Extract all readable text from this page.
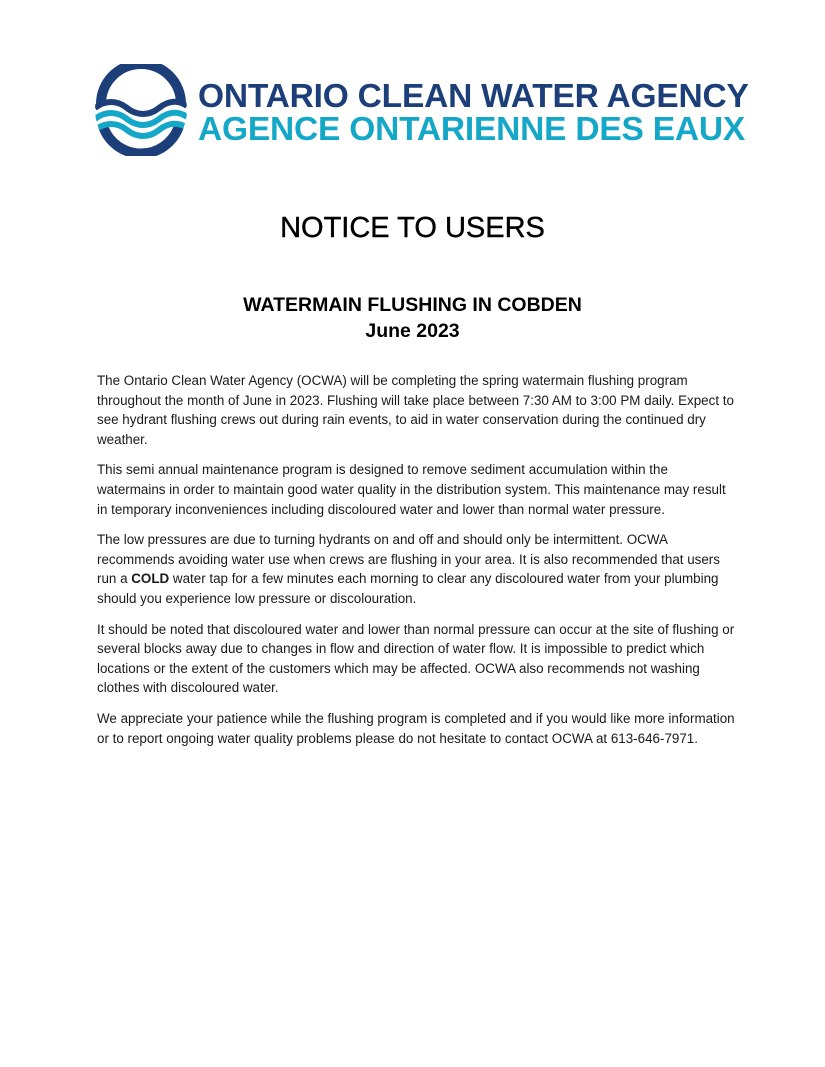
ONTARIO CLEAN WATER AGENCY
AGENCE ONTARIENNE DES EAUX
NOTICE TO USERS
WATERMAIN FLUSHING IN COBDEN
June 2023

The Ontario Clean Water Agency (OCWA) will be completing the spring watermain flushing program throughout the month of June in 2023. Flushing will take place between 7:30 AM to 3:00 PM daily. Expect to see hydrant flushing crews out during rain events, to aid in water conservation during the continued dry weather.

This semi annual maintenance program is designed to remove sediment accumulation within the watermains in order to maintain good water quality in the distribution system. This maintenance may result in temporary inconveniences including discoloured water and lower than normal water pressure.

The low pressures are due to turning hydrants on and off and should only be intermittent. OCWA recommends avoiding water use when crews are flushing in your area. It is also recommended that users run a COLD water tap for a few minutes each morning to clear any discoloured water from your plumbing should you experience low pressure or discolouration.

It should be noted that discoloured water and lower than normal pressure can occur at the site of flushing or several blocks away due to changes in flow and direction of water flow. It is impossible to predict which locations or the extent of the customers which may be affected. OCWA also recommends not washing clothes with discoloured water.

We appreciate your patience while the flushing program is completed and if you would like more information or to report ongoing water quality problems please do not hesitate to contact OCWA at 613-646-7971.
